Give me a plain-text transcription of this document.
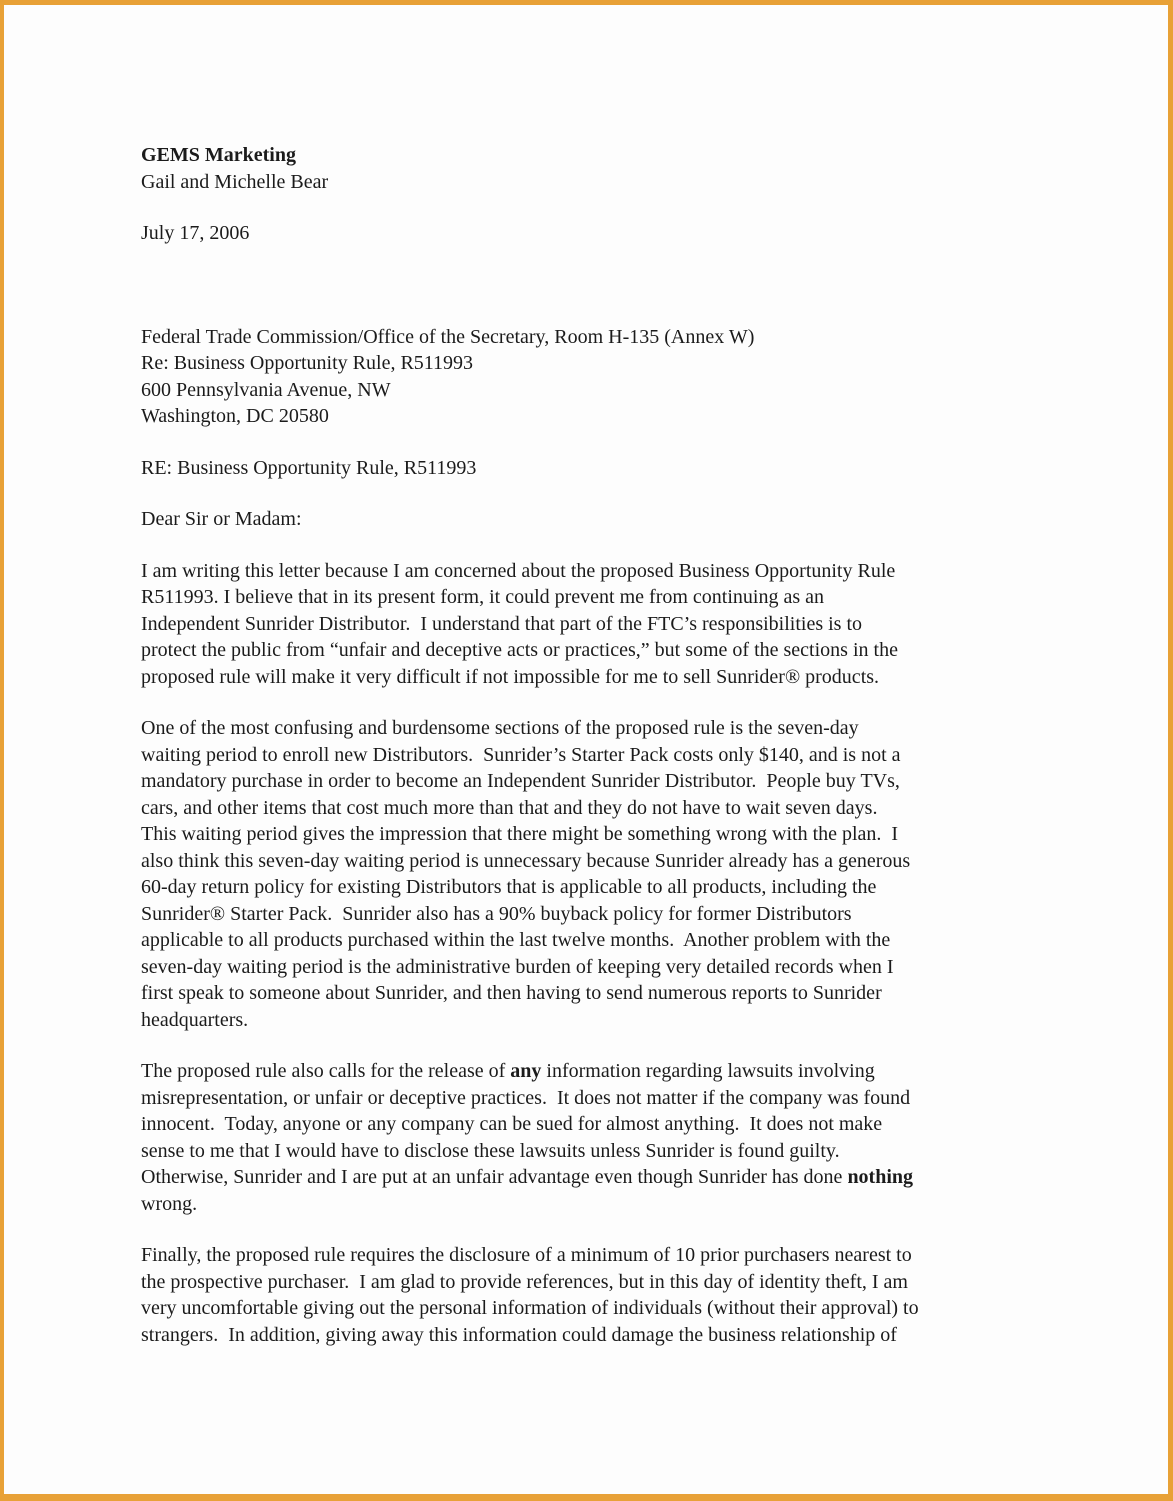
GEMS Marketing
Gail and Michelle Bear
July 17, 2006
Federal Trade Commission/Office of the Secretary, Room H-135 (Annex W)
Re: Business Opportunity Rule, R511993
600 Pennsylvania Avenue, NW
Washington, DC 20580
RE: Business Opportunity Rule, R511993
Dear Sir or Madam:
I am writing this letter because I am concerned about the proposed Business Opportunity Rule
R511993. I believe that in its present form, it could prevent me from continuing as an
Independent Sunrider Distributor.  I understand that part of the FTC’s responsibilities is to
protect the public from “unfair and deceptive acts or practices,” but some of the sections in the
proposed rule will make it very difficult if not impossible for me to sell Sunrider® products.
One of the most confusing and burdensome sections of the proposed rule is the seven-day
waiting period to enroll new Distributors.  Sunrider’s Starter Pack costs only $140, and is not a
mandatory purchase in order to become an Independent Sunrider Distributor.  People buy TVs,
cars, and other items that cost much more than that and they do not have to wait seven days.
This waiting period gives the impression that there might be something wrong with the plan.  I
also think this seven-day waiting period is unnecessary because Sunrider already has a generous
60-day return policy for existing Distributors that is applicable to all products, including the
Sunrider® Starter Pack.  Sunrider also has a 90% buyback policy for former Distributors
applicable to all products purchased within the last twelve months.  Another problem with the
seven-day waiting period is the administrative burden of keeping very detailed records when I
first speak to someone about Sunrider, and then having to send numerous reports to Sunrider
headquarters.
The proposed rule also calls for the release of any information regarding lawsuits involving
misrepresentation, or unfair or deceptive practices.  It does not matter if the company was found
innocent.  Today, anyone or any company can be sued for almost anything.  It does not make
sense to me that I would have to disclose these lawsuits unless Sunrider is found guilty.
Otherwise, Sunrider and I are put at an unfair advantage even though Sunrider has done nothing
wrong.
Finally, the proposed rule requires the disclosure of a minimum of 10 prior purchasers nearest to
the prospective purchaser.  I am glad to provide references, but in this day of identity theft, I am
very uncomfortable giving out the personal information of individuals (without their approval) to
strangers.  In addition, giving away this information could damage the business relationship of
